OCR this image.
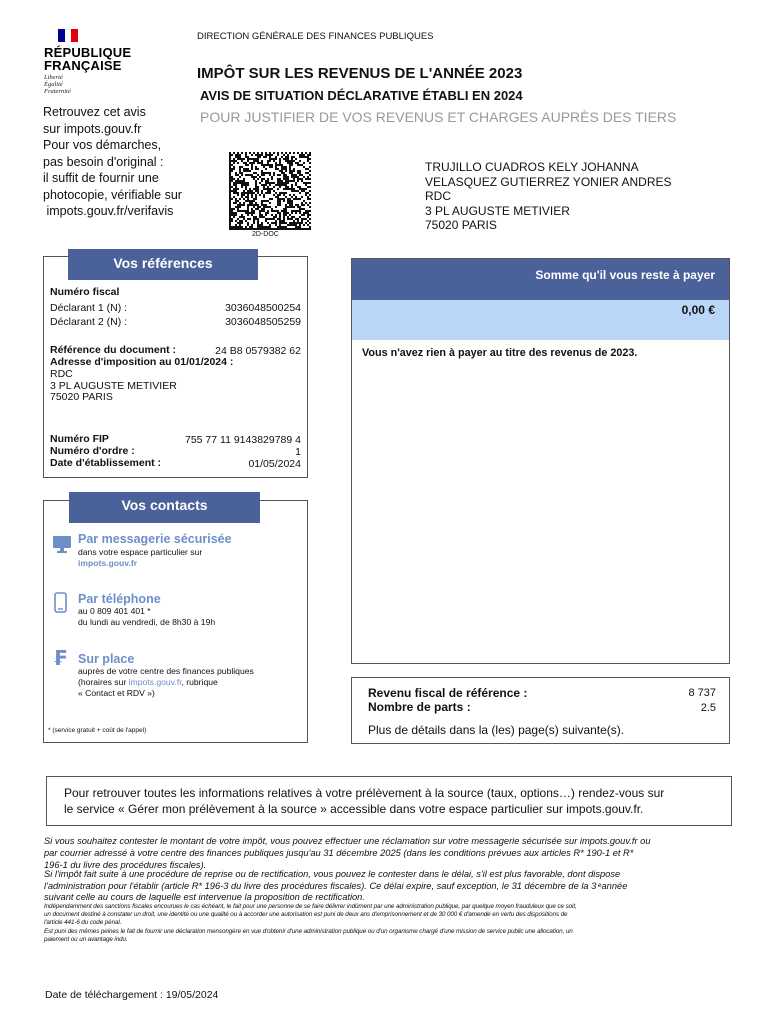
RÉPUBLIQUE
FRANÇAISE
Liberté
Égalité
Fraternité
DIRECTION GÉNÉRALE DES FINANCES PUBLIQUES
IMPÔT SUR LES REVENUS DE L'ANNÉE 2023
AVIS DE SITUATION DÉCLARATIVE ÉTABLI EN 2024
POUR JUSTIFIER DE VOS REVENUS ET CHARGES AUPRÈS DES TIERS
Retrouvez cet avis
sur impots.gouv.fr
Pour vos démarches,
pas besoin d'original :
il suffit de fournir une
photocopie, vérifiable sur
impots.gouv.fr/verifavis
2D-DOC
TRUJILLO CUADROS KELY JOHANNA
VELASQUEZ GUTIERREZ YONIER ANDRES
RDC
3 PL AUGUSTE METIVIER
75020 PARIS
Vos références
Numéro fiscal
Déclarant 1 (N) :	3036048500254
Déclarant 2 (N) :	3036048505259
Référence du document :	24 B8 0579382 62
Adresse d'imposition au 01/01/2024 :
RDC
3 PL AUGUSTE METIVIER
75020 PARIS
Numéro FIP	755 77 11 9143829789 4
Numéro d'ordre :	1
Date d'établissement :	01/05/2024
Vos contacts
Par messagerie sécurisée
dans votre espace particulier sur
impots.gouv.fr
Par téléphone
au 0 809 401 401 *
du lundi au vendredi, de 8h30 à 19h
₣ Sur place
auprès de votre centre des finances publiques
(horaires sur impots.gouv.fr, rubrique
« Contact et RDV »)
* (service gratuit + coût de l'appel)
Somme qu'il vous reste à payer
0,00 €
Vous n'avez rien à payer au titre des revenus de 2023.
Revenu fiscal de référence :	8 737
Nombre de parts :	2.5
Plus de détails dans la (les) page(s) suivante(s).
Pour retrouver toutes les informations relatives à votre prélèvement à la source (taux, options…) rendez-vous sur
le service « Gérer mon prélèvement à la source » accessible dans votre espace particulier sur impots.gouv.fr.
Si vous souhaitez contester le montant de votre impôt, vous pouvez effectuer une réclamation sur votre messagerie sécurisée sur impots.gouv.fr ou
par courrier adressé à votre centre des finances publiques jusqu'au 31 décembre 2025 (dans les conditions prévues aux articles R* 190-1 et R*
196-1 du livre des procédures fiscales).
Si l'impôt fait suite à une procédure de reprise ou de rectification, vous pouvez le contester dans le délai, s'il est plus favorable, dont dispose
l'administration pour l'établir (article R* 196-3 du livre des procédures fiscales). Ce délai expire, sauf exception, le 31 décembre de la 3 ͤ année
suivant celle au cours de laquelle est intervenue la proposition de rectification.
Indépendamment des sanctions fiscales encourues le cas échéant, le fait pour une personne de se faire délivrer indûment par une administration publique, par quelque moyen frauduleux que ce soit,
un document destiné à constater un droit, une identité ou une qualité ou à accorder une autorisation est puni de deux ans d'emprisonnement et de 30 000 € d'amende en vertu des dispositions de
l'article 441-6 du code pénal.
Est puni des mêmes peines le fait de fournir une déclaration mensongère en vue d'obtenir d'une administration publique ou d'un organisme chargé d'une mission de service public une allocation, un
paiement ou un avantage indu.
Date de téléchargement : 19/05/2024
